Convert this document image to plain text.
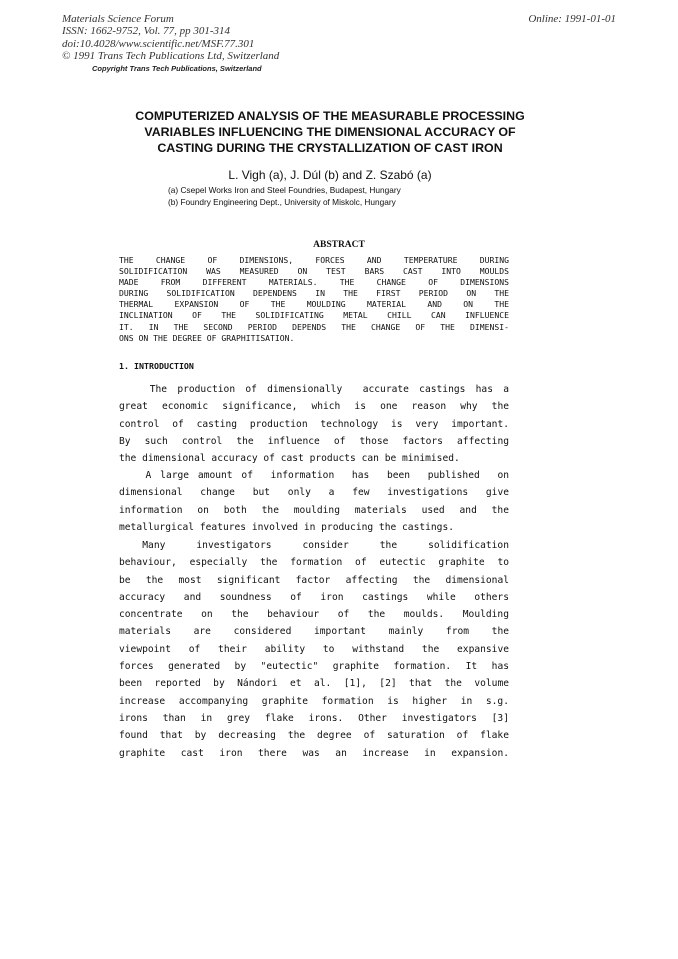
Materials Science Forum
ISSN: 1662-9752, Vol. 77, pp 301-314
doi:10.4028/www.scientific.net/MSF.77.301
© 1991 Trans Tech Publications Ltd, Switzerland
Online: 1991-01-01
Copyright Trans Tech Publications, Switzerland
COMPUTERIZED ANALYSIS OF THE MEASURABLE PROCESSING
VARIABLES INFLUENCING THE DIMENSIONAL ACCURACY OF
CASTING DURING THE CRYSTALLIZATION OF CAST IRON
L. Vigh (a), J. Dúl (b) and Z. Szabó (a)
(a) Csepel Works Iron and Steel Foundries, Budapest, Hungary
(b) Foundry Engineering Dept., University of Miskolc, Hungary
ABSTRACT
THE CHANGE OF DIMENSIONS, FORCES AND TEMPERATURE DURING
SOLIDIFICATION WAS MEASURED ON TEST BARS CAST INTO MOULDS
MADE FROM DIFFERENT MATERIALS. THE CHANGE OF DIMENSIONS
DURING SOLIDIFICATION DEPENDENS IN THE FIRST PERIOD ON THE
THERMAL EXPANSION OF THE MOULDING MATERIAL AND ON THE
INCLINATION OF THE SOLIDIFICATING METAL CHILL CAN INFLUENCE
IT. IN THE SECOND PERIOD DEPENDS THE CHANGE OF THE DIMENSI-
ONS ON THE DEGREE OF GRAPHITISATION.
1. INTRODUCTION
The production of dimensionally  accurate castings has a
great economic significance, which is one reason why the
control of casting production technology is very important.
By such control the influence of those factors affecting
the dimensional accuracy of cast products can be minimised.
A large amount of  information  has  been  published  on
dimensional change but only a few investigations give
information on both the moulding materials used and the
metallurgical features involved in producing the castings.
Many    investigators    consider    the    solidification
behaviour, especially the formation of eutectic graphite to
be the most significant factor affecting the dimensional
accuracy and soundness of iron castings while others
concentrate on the behaviour of the moulds. Moulding
materials are considered important mainly from the
viewpoint of their ability to withstand the expansive
forces generated by "eutectic" graphite formation. It has
been reported by Nándori et al. [1], [2] that the volume
increase accompanying graphite formation is higher in s.g.
irons than in grey flake irons. Other investigators [3]
found that by decreasing the degree of saturation of flake
graphite cast iron there was an increase in expansion.
